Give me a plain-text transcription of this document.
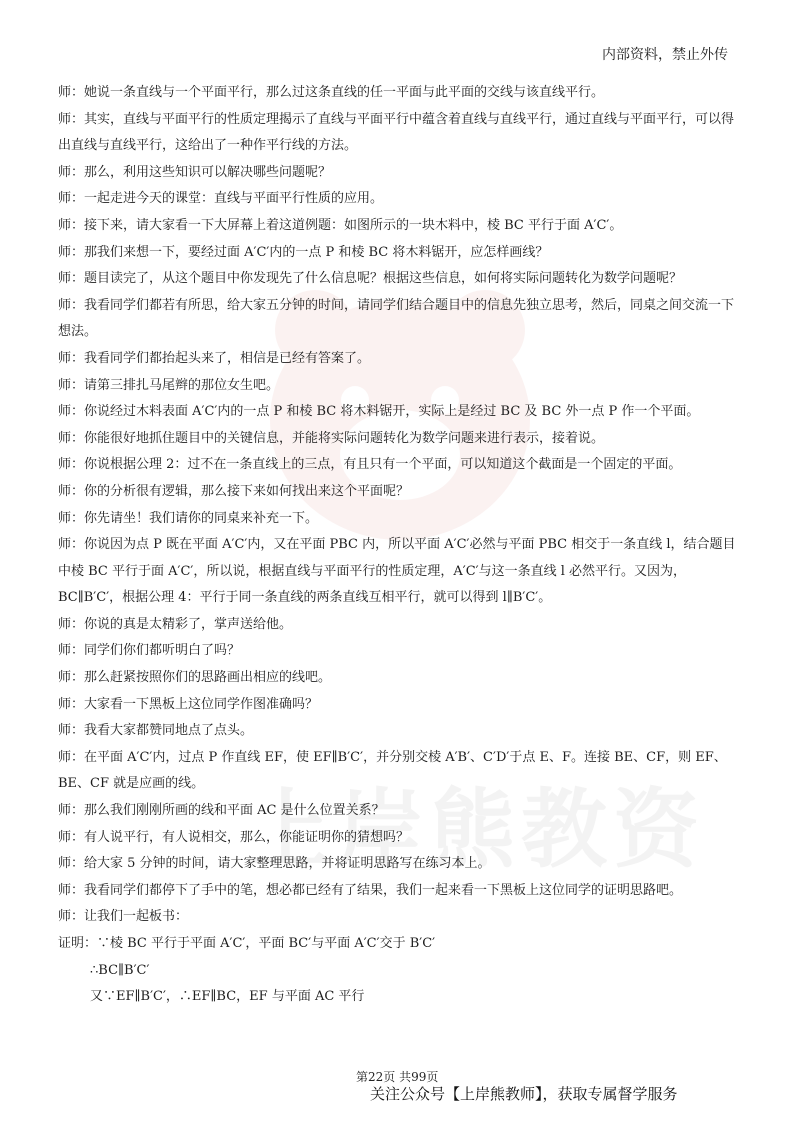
内部资料，禁止外传

师：她说一条直线与一个平面平行，那么过这条直线的任一平面与此平面的交线与该直线平行。

师：其实，直线与平面平行的性质定理揭示了直线与平面平行中蕴含着直线与直线平行，通过直线与平面平行，可以得出直线与直线平行，这给出了一种作平行线的方法。

师：那么，利用这些知识可以解决哪些问题呢？

师：一起走进今天的课堂：直线与平面平行性质的应用。

师：接下来，请大家看一下大屏幕上着这道例题：如图所示的一块木料中，棱 BC 平行于面 A′C′。

师：那我们来想一下，要经过面 A′C′内的一点 P 和棱 BC 将木料锯开，应怎样画线？

师：题目读完了，从这个题目中你发现先了什么信息呢？根据这些信息，如何将实际问题转化为数学问题呢？

师：我看同学们都若有所思，给大家五分钟的时间，请同学们结合题目中的信息先独立思考，然后，同桌之间交流一下想法。

师：我看同学们都抬起头来了，相信是已经有答案了。

师：请第三排扎马尾辫的那位女生吧。

师：你说经过木料表面 A′C′内的一点 P 和棱 BC 将木料锯开，实际上是经过 BC 及 BC 外一点 P 作一个平面。

师：你能很好地抓住题目中的关键信息，并能将实际问题转化为数学问题来进行表示，接着说。

师：你说根据公理 2：过不在一条直线上的三点，有且只有一个平面，可以知道这个截面是一个固定的平面。

师：你的分析很有逻辑，那么接下来如何找出来这个平面呢？

师：你先请坐！我们请你的同桌来补充一下。

师：你说因为点 P 既在平面 A′C′内，又在平面 PBC 内，所以平面 A′C′必然与平面 PBC 相交于一条直线 l，结合题目中棱 BC 平行于面 A′C′，所以说，根据直线与平面平行的性质定理，A′C′与这一条直线 l 必然平行。又因为，BC∥B′C′，根据公理 4：平行于同一条直线的两条直线互相平行，就可以得到 l∥B′C′。

师：你说的真是太精彩了，掌声送给他。

师：同学们你们都听明白了吗？

师：那么赶紧按照你们的思路画出相应的线吧。

师：大家看一下黑板上这位同学作图准确吗？

师：我看大家都赞同地点了点头。

师：在平面 A′C′内，过点 P 作直线 EF，使 EF∥B′C′，并分别交棱 A′B′、C′D′于点 E、F。连接 BE、CF，则 EF、BE、CF 就是应画的线。

师：那么我们刚刚所画的线和平面 AC 是什么位置关系？

师：有人说平行，有人说相交，那么，你能证明你的猜想吗？

师：给大家 5 分钟的时间，请大家整理思路，并将证明思路写在练习本上。

师：我看同学们都停下了手中的笔，想必都已经有了结果，我们一起来看一下黑板上这位同学的证明思路吧。

师：让我们一起板书：

证明：∵棱 BC 平行于平面 A′C′，平面 BC′与平面 A′C′交于 B′C′

∴BC∥B′C′

又∵EF∥B′C′，∴EF∥BC，EF 与平面 AC 平行

第22页 共99页
关注公众号【上岸熊教师】，获取专属督学服务
